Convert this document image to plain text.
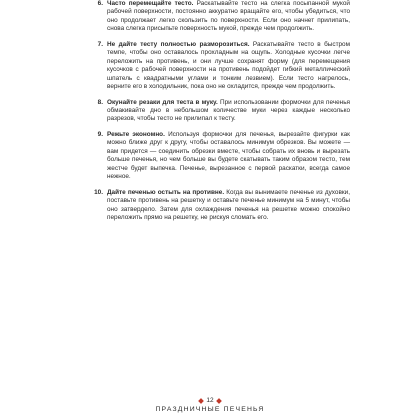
6. Часто перемещайте тесто. Раскатывайте тесто на слегка посыпанной мукой рабочей поверхности, постоянно аккуратно вращайте его, чтобы убедиться, что оно продолжает легко скользить по поверхности. Если оно начнет прилипать, снова слегка присыпьте поверхность мукой, прежде чем продолжить.
7. Не дайте тесту полностью разморозиться. Раскатывайте тесто в быстром темпе, чтобы оно оставалось прохладным на ощупь. Холодные кусочки легче переложить на противень, и они лучше сохранят форму (для перемещения кусочков с рабочей поверхности на противень подойдет гибкий металлический шпатель с квадратными углами и тонким лезвием). Если тесто нагрелось, верните его в холодильник, пока оно не охладится, прежде чем продолжить.
8. Окунайте резаки для теста в муку. При использовании формочки для печенья обмакивайте дно в небольшом количестве муки через каждые несколько разрезов, чтобы тесто не прилипал к тесту.
9. Режьте экономно. Используя формочки для печенья, вырезайте фигурки как можно ближе друг к другу, чтобы оставалось минимум обрезков. Вы можете — вам придется — соединить обрезки вместе, чтобы собрать их вновь и вырезать больше печенья, но чем больше вы будете скатывать таким образом тесто, тем жестче будет выпечка. Печенье, вырезанное с первой раскатки, всегда самое нежное.
10. Дайте печенью остыть на противне. Когда вы вынимаете печенье из духовки, поставьте противень на решетку и оставьте печенье минимум на 5 минут, чтобы оно затвердело. Затем для охлаждения печенья на решетке можно спокойно переложить прямо на решетку, не рискуя сломать его.
12
ПРАЗДНИЧНЫЕ ПЕЧЕНЬЯ
